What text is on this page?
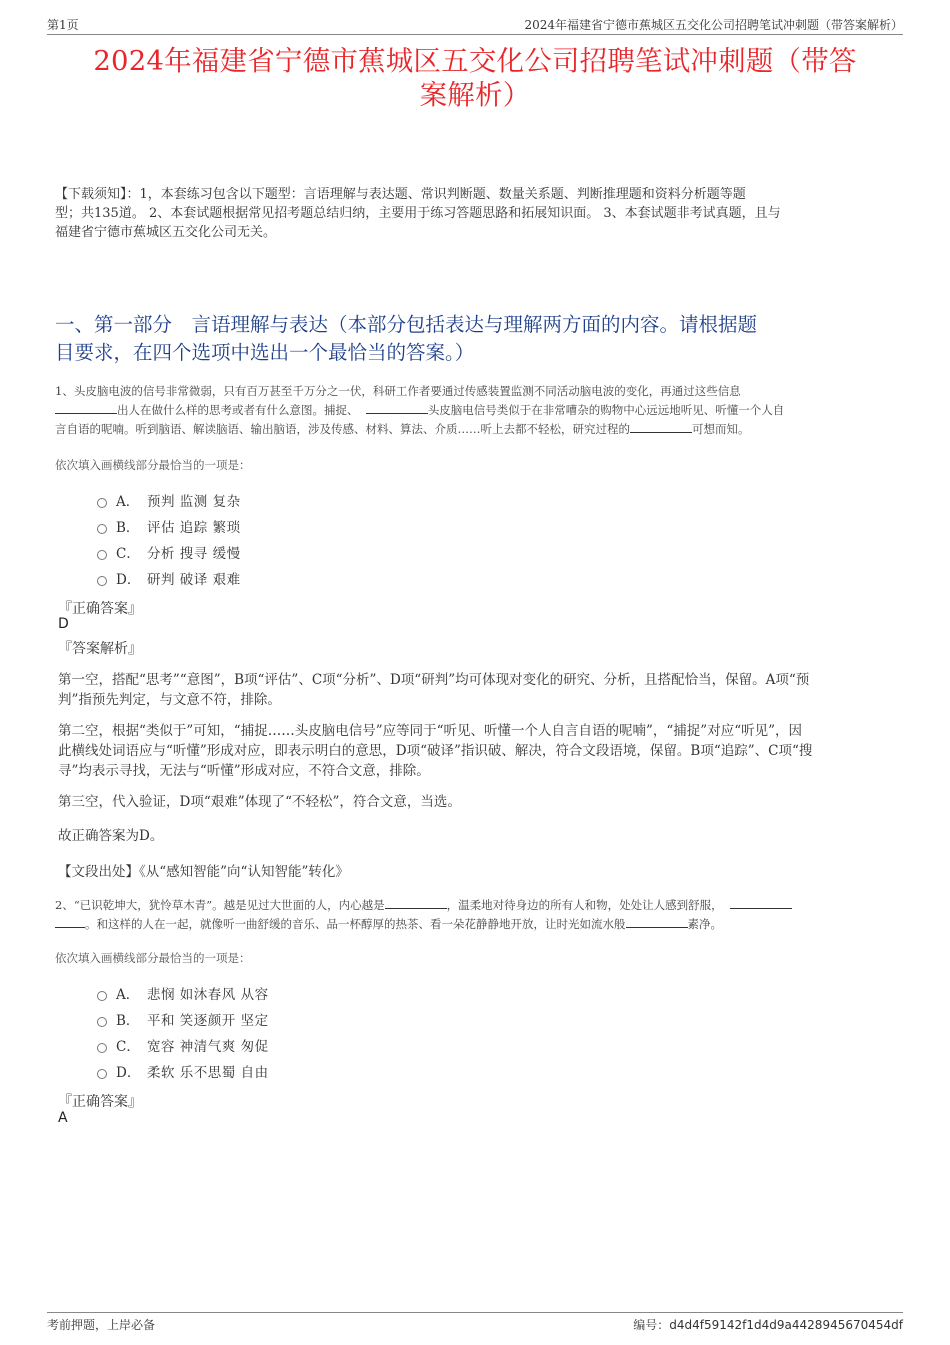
第1页	2024年福建省宁德市蕉城区五交化公司招聘笔试冲刺题（带答案解析）
2024年福建省宁德市蕉城区五交化公司招聘笔试冲刺题（带答
案解析）
【下载须知】：1，本套练习包含以下题型：言语理解与表达题、常识判断题、数量关系题、判断推理题和资料分析题等题
型；共135道。 2、本套试题根据常见招考题总结归纳，主要用于练习答题思路和拓展知识面。 3、本套试题非考试真题，且与
福建省宁德市蕉城区五交化公司无关。
一、第一部分　言语理解与表达（本部分包括表达与理解两方面的内容。请根据题
目要求，在四个选项中选出一个最恰当的答案。）
1、头皮脑电波的信号非常微弱，只有百万甚至千万分之一伏，科研工作者要通过传感装置监测不同活动脑电波的变化，再通过这些信息
出人在做什么样的思考或者有什么意图。捕捉、	头皮脑电信号类似于在非常嘈杂的购物中心远远地听见、听懂一个人自
言自语的呢喃。听到脑语、解读脑语、输出脑语，涉及传感、材料、算法、介质……听上去都不轻松，研究过程的	可想而知。
依次填入画横线部分最恰当的一项是：
A． 预判 监测 复杂
B． 评估 追踪 繁琐
C． 分析 搜寻 缓慢
D． 研判 破译 艰难
『正确答案』
D
『答案解析』
第一空，搭配“思考”“意图”，B项“评估”、C项“分析”、D项“研判”均可体现对变化的研究、分析，且搭配恰当，保留。A项“预
判”指预先判定，与文意不符，排除。
第二空，根据“类似于”可知，“捕捉……头皮脑电信号”应等同于“听见、听懂一个人自言自语的呢喃”，“捕捉”对应“听见”，因
此横线处词语应与“听懂”形成对应，即表示明白的意思，D项“破译”指识破、解决，符合文段语境，保留。B项“追踪”、C项“搜
寻”均表示寻找，无法与“听懂”形成对应，不符合文意，排除。
第三空，代入验证，D项“艰难”体现了“不轻松”，符合文意，当选。
故正确答案为D。
【文段出处】《从“感知智能”向“认知智能”转化》
2、“已识乾坤大，犹怜草木青”。越是见过大世面的人，内心越是	，温柔地对待身边的所有人和物，处处让人感到舒服，
。和这样的人在一起，就像听一曲舒缓的音乐、品一杯醇厚的热茶、看一朵花静静地开放，让时光如流水般	素净。
依次填入画横线部分最恰当的一项是：
A． 悲悯 如沐春风 从容
B． 平和 笑逐颜开 坚定
C． 宽容 神清气爽 匆促
D． 柔软 乐不思蜀 自由
『正确答案』
A
考前押题，上岸必备	编号：d4d4f59142f1d4d9a4428945670454df
